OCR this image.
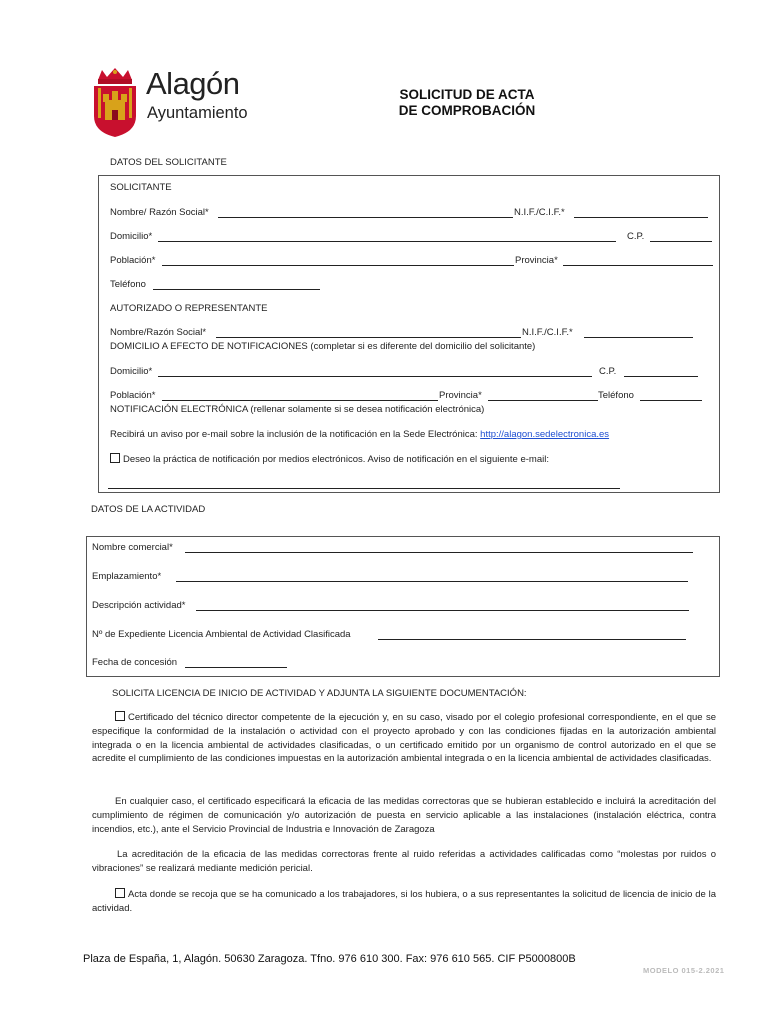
Alagón
Ayuntamiento
SOLICITUD DE ACTA
DE COMPROBACIÓN
DATOS DEL SOLICITANTE
SOLICITANTE
Nombre/ Razón Social*	N.I.F./C.I.F.*
Domicilio*	C.P.
Población*	Provincia*
Teléfono
AUTORIZADO O REPRESENTANTE
Nombre/Razón Social*	N.I.F./C.I.F.*
DOMICILIO A EFECTO DE NOTIFICACIONES (completar si es diferente del domicilio del solicitante)
Domicilio*	C.P.
Población*	Provincia*	Teléfono
NOTIFICACIÓN ELECTRÓNICA (rellenar solamente si se desea notificación electrónica)
Recibirá un aviso por e-mail sobre la inclusión de la notificación en la Sede Electrónica: http://alagon.sedelectronica.es
Deseo la práctica de notificación por medios electrónicos. Aviso de notificación en el siguiente e-mail:
DATOS DE LA ACTIVIDAD
Nombre comercial*
Emplazamiento*
Descripción actividad*
Nº de Expediente Licencia Ambiental de Actividad Clasificada
Fecha de concesión
SOLICITA LICENCIA DE INICIO DE ACTIVIDAD Y ADJUNTA LA SIGUIENTE DOCUMENTACIÓN:
Certificado del técnico director competente de la ejecución y, en su caso, visado por el colegio profesional correspondiente, en el que se especifique la conformidad de la instalación o actividad con el proyecto aprobado y con las condiciones fijadas en la autorización ambiental integrada o en la licencia ambiental de actividades clasificadas, o un certificado emitido por un organismo de control autorizado en el que se acredite el cumplimiento de las condiciones impuestas en la autorización ambiental integrada o en la licencia ambiental de actividades clasificadas.
En cualquier caso, el certificado especificará la eficacia de las medidas correctoras que se hubieran establecido e incluirá la acreditación del cumplimiento de régimen de comunicación y/o autorización de puesta en servicio aplicable a las instalaciones (instalación eléctrica, contra incendios, etc.), ante el Servicio Provincial de Industria e Innovación de Zaragoza
La acreditación de la eficacia de las medidas correctoras frente al ruido referidas a actividades calificadas como “molestas por ruidos o vibraciones” se realizará mediante medición pericial.
Acta donde se recoja que se ha comunicado a los trabajadores, si los hubiera, o a sus representantes la solicitud de licencia de inicio de la actividad.
Plaza de España, 1, Alagón. 50630 Zaragoza. Tfno. 976 610 300. Fax: 976 610 565. CIF P5000800B
MODELO 015-2.2021
